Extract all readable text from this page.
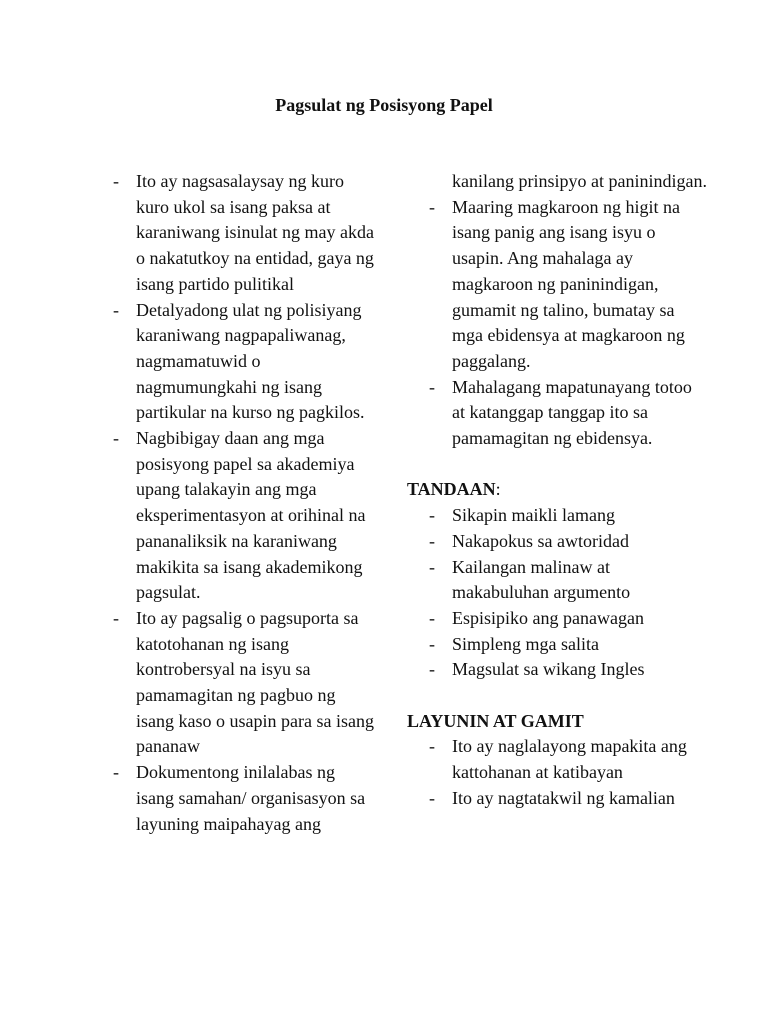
Pagsulat ng Posisyong Papel
- Ito ay nagsasalaysay ng kuro kuro ukol sa isang paksa at karaniwang isinulat ng may akda o nakatutkoy na entidad, gaya ng isang partido pulitikal
- Detalyadong ulat ng polisiyang karaniwang nagpapaliwanag, nagmamatuwid o nagmumungkahi ng isang partikular na kurso ng pagkilos.
- Nagbibigay daan ang mga posisyong papel sa akademiya upang talakayin ang mga eksperimentasyon at orihinal na pananaliksik na karaniwang makikita sa isang akademikong pagsulat.
- Ito ay pagsalig o pagsuporta sa katotohanan ng isang kontrobersyal na isyu sa pamamagitan ng pagbuo ng isang kaso o usapin para sa isang pananaw
- Dokumentong inilalabas ng isang samahan/ organisasyon sa layuning maipahayag ang
kanilang prinsipyo at paninindigan.
- Maaring magkaroon ng higit na isang panig ang isang isyu o usapin. Ang mahalaga ay magkaroon ng paninindigan, gumamit ng talino, bumatay sa mga ebidensya at magkaroon ng paggalang.
- Mahalagang mapatunayang totoo at katanggap tanggap ito sa pamamagitan ng ebidensya.
TANDAAN:
- Sikapin maikli lamang
- Nakapokus sa awtoridad
- Kailangan malinaw at makabuluhan argumento
- Espisipiko ang panawagan
- Simpleng mga salita
- Magsulat sa wikang Ingles
LAYUNIN AT GAMIT
- Ito ay naglalayong mapakita ang kattohanan at katibayan
- Ito ay nagtatakwil ng kamalian
